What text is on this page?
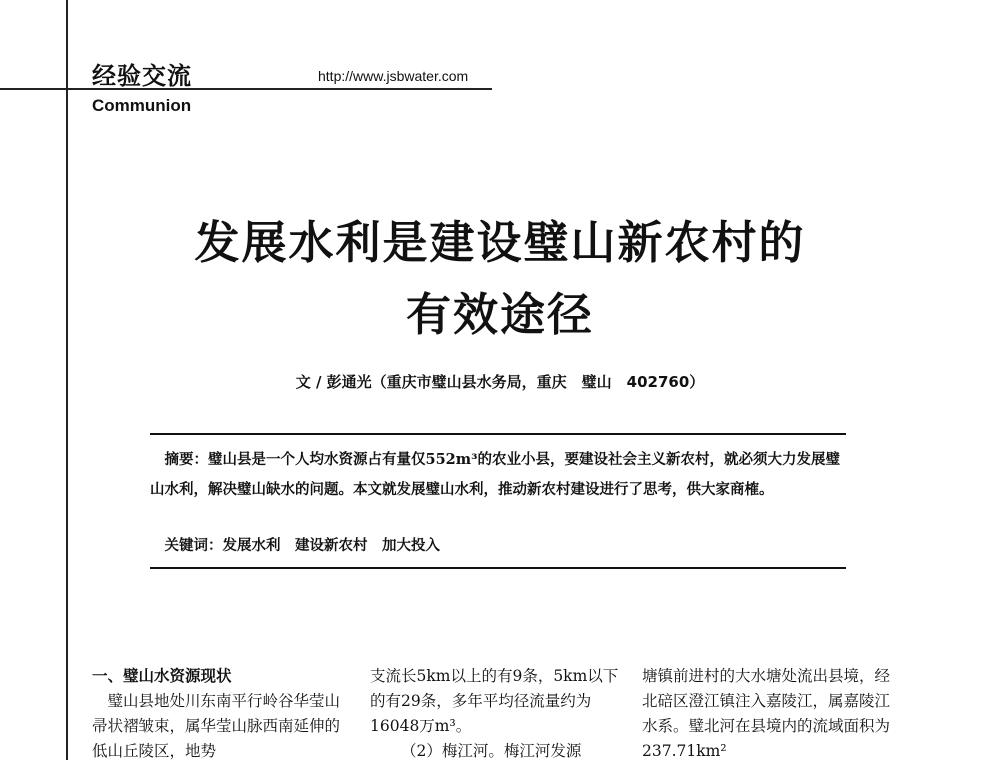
经验交流	http://www.jsbwater.com
Communion
发展水利是建设璧山新农村的
有效途径
文 / 彭通光（重庆市璧山县水务局，重庆　璧山　402760）
 摘要：璧山县是一个人均水资源占有量仅552m³的农业小县，要建设社会主义新农村，就必须大力发展璧山水利，解决璧山缺水的问题。本文就发展璧山水利，推动新农村建设进行了思考，供大家商榷。
 关键词：发展水利　建设新农村　加大投入

一、璧山水资源现状

 璧山县地处川东南平行岭谷华莹山帚状褶皱束，属华莹山脉西南延伸的低山丘陵区，地势

支流长5km以上的有9条，5km以下的有29条，多年平均径流量约为16048万m³。

  （2）梅江河。梅江河发源

塘镇前进村的大水塘处流出县境，经北碚区澄江镇注入嘉陵江，属嘉陵江水系。璧北河在县境内的流域面积为237.71km²
